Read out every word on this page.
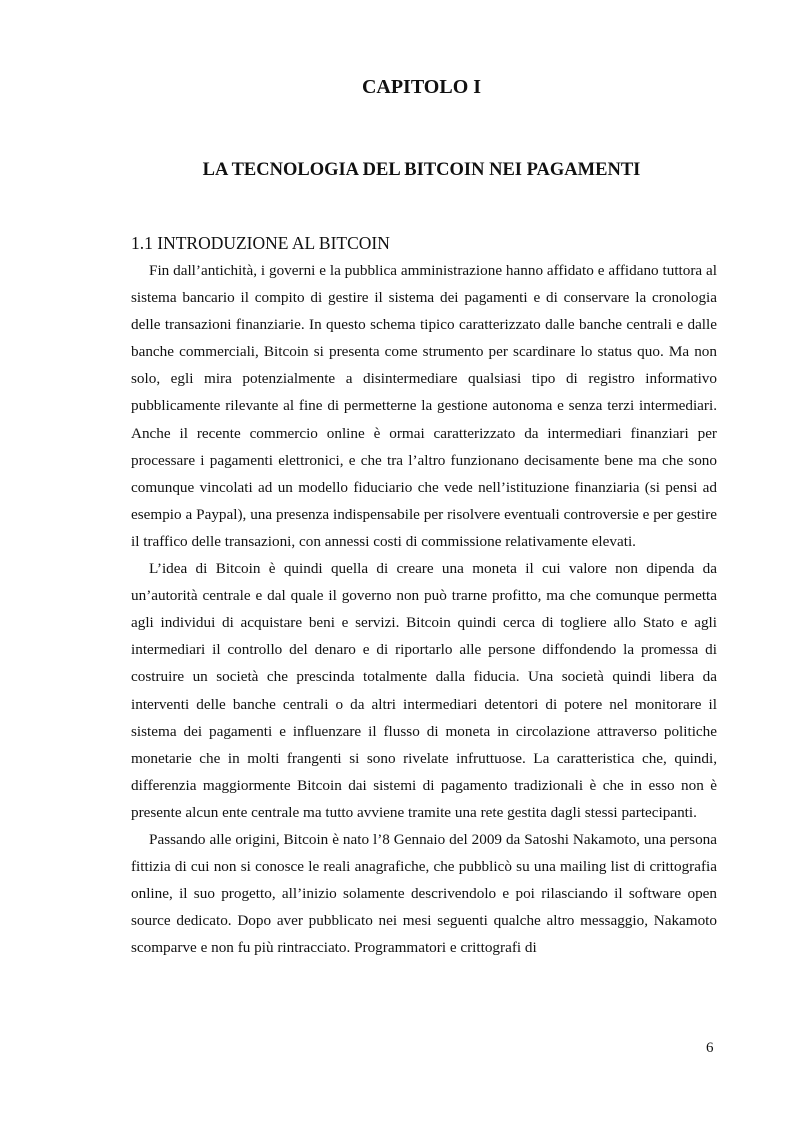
CAPITOLO I
LA TECNOLOGIA DEL BITCOIN NEI PAGAMENTI
1.1 INTRODUZIONE AL BITCOIN

Fin dall’antichità, i governi e la pubblica amministrazione hanno affidato e affidano tuttora al sistema bancario il compito di gestire il sistema dei pagamenti e di conservare la cronologia delle transazioni finanziarie. In questo schema tipico caratterizzato dalle banche centrali e dalle banche commerciali, Bitcoin si presenta come strumento per scardinare lo status quo. Ma non solo, egli mira potenzialmente a disintermediare qualsiasi tipo di registro informativo pubblicamente rilevante al fine di permetterne la gestione autonoma e senza terzi intermediari. Anche il recente commercio online è ormai caratterizzato da intermediari finanziari per processare i pagamenti elettronici, e che tra l’altro funzionano decisamente bene ma che sono comunque vincolati ad un modello fiduciario che vede nell’istituzione finanziaria (si pensi ad esempio a Paypal), una presenza indispensabile per risolvere eventuali controversie e per gestire il traffico delle transazioni, con annessi costi di commissione relativamente elevati.

L’idea di Bitcoin è quindi quella di creare una moneta il cui valore non dipenda da un’autorità centrale e dal quale il governo non può trarne profitto, ma che comunque permetta agli individui di acquistare beni e servizi. Bitcoin quindi cerca di togliere allo Stato e agli intermediari il controllo del denaro e di riportarlo alle persone diffondendo la promessa di costruire un società che prescinda totalmente dalla fiducia. Una società quindi libera da interventi delle banche centrali o da altri intermediari detentori di potere nel monitorare il sistema dei pagamenti e influenzare il flusso di moneta in circolazione attraverso politiche monetarie che in molti frangenti si sono rivelate infruttuose. La caratteristica che, quindi, differenzia maggiormente Bitcoin dai sistemi di pagamento tradizionali è che in esso non è presente alcun ente centrale ma tutto avviene tramite una rete gestita dagli stessi partecipanti.

Passando alle origini, Bitcoin è nato l’8 Gennaio del 2009 da Satoshi Nakamoto, una persona fittizia di cui non si conosce le reali anagrafiche, che pubblicò su una mailing list di crittografia online, il suo progetto, all’inizio solamente descrivendolo e poi rilasciando il software open source dedicato. Dopo aver pubblicato nei mesi seguenti qualche altro messaggio, Nakamoto scomparve e non fu più rintracciato. Programmatori e crittografi di

6
